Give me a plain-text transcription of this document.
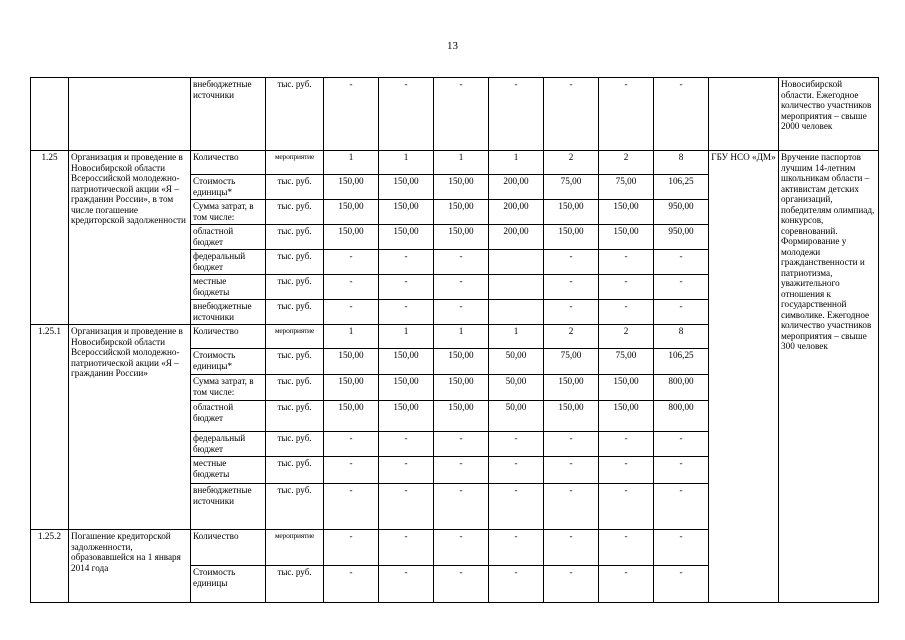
13
		внебюджетные источники	тыс. руб.	-	-	-	-	-	-	-		Новосибирской области. Ежегодное количество участников мероприятия – свыше 2000 человек
1.25	Организация и проведение в Новосибирской области Всероссийской молодежно-патриотической акции «Я – гражданин России», в том числе погашение кредиторской задолженности	Количество	мероприятие	1	1	1	1	2	2	8	ГБУ НСО «ДМ»	Вручение паспортов лучшим 14-летним школьникам области – активистам детских организаций, победителям олимпиад, конкурсов, соревнований. Формирование у молодежи гражданственности и патриотизма, уважительного отношения к государственной символике. Ежегодное количество участников мероприятия – свыше 300 человек
		Стоимость единицы*	тыс. руб.	150,00	150,00	150,00	200,00	75,00	75,00	106,25		
		Сумма затрат, в том числе:	тыс. руб.	150,00	150,00	150,00	200,00	150,00	150,00	950,00		
		областной бюджет	тыс. руб.	150,00	150,00	150,00	200,00	150,00	150,00	950,00		
		федеральный бюджет	тыс. руб.	-	-	-		-	-	-		
		местные бюджеты	тыс. руб.	-	-	-		-	-	-		
		внебюджетные источники	тыс. руб.	-	-	-		-	-	-		
1.25.1	Организация и проведение в Новосибирской области Всероссийской молодежно-патриотической акции «Я – гражданин России»	Количество	мероприятие	1	1	1	1	2	2	8		
		Стоимость единицы*	тыс. руб.	150,00	150,00	150,00	50,00	75,00	75,00	106,25		
		Сумма затрат, в том числе:	тыс. руб.	150,00	150,00	150,00	50,00	150,00	150,00	800,00		
		областной бюджет	тыс. руб.	150,00	150,00	150,00	50,00	150,00	150,00	800,00		
		федеральный бюджет	тыс. руб.	-	-	-	-	-	-	-		
		местные бюджеты	тыс. руб.	-	-	-	-	-	-	-		
		внебюджетные источники	тыс. руб.	-	-	-	-	-	-	-		
1.25.2	Погашение кредиторской задолженности, образовавшейся на 1 января 2014 года	Количество	мероприятие	-	-	-	-	-	-	-		
		Стоимость единицы	тыс. руб.	-	-	-	-	-	-	-		
